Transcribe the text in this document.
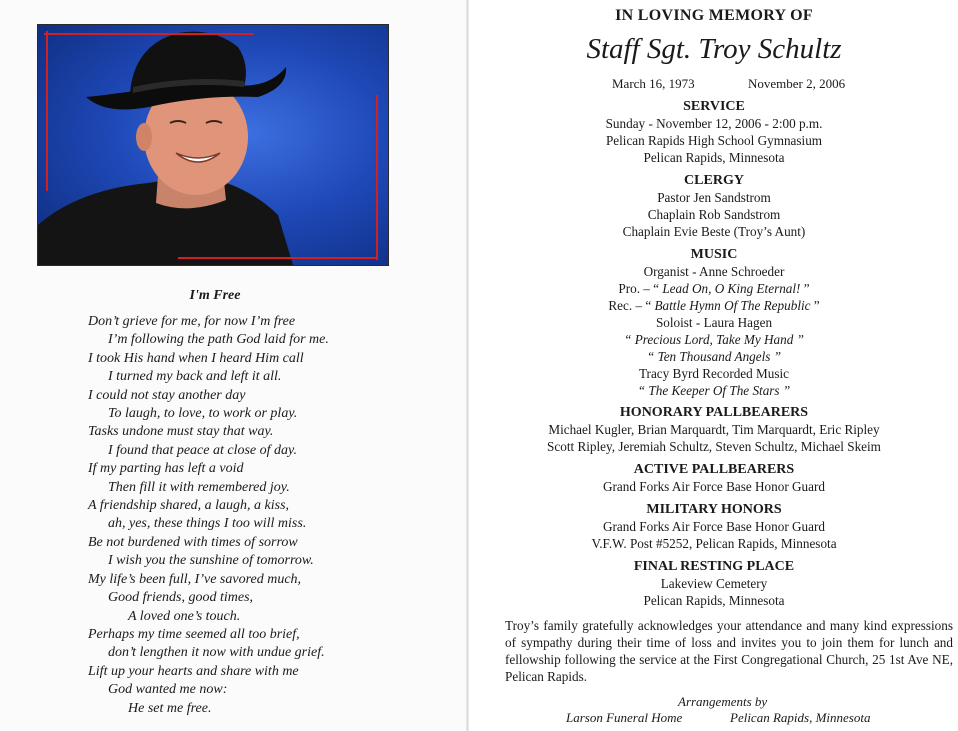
I'm Free
Don’t grieve for me, for now I’m free
I’m following the path God laid for me.
I took His hand when I heard Him call
I turned my back and left it all.
I could not stay another day
To laugh, to love, to work or play.
Tasks undone must stay that way.
I found that peace at close of day.
If my parting has left a void
Then fill it with remembered joy.
A friendship shared, a laugh, a kiss,
ah, yes, these things I too will miss.
Be not burdened with times of sorrow
I wish you the sunshine of tomorrow.
My life’s been full, I’ve savored much,
Good friends, good times,
A loved one’s touch.
Perhaps my time seemed all too brief,
don’t lengthen it now with undue grief.
Lift up your hearts and share with me
God wanted me now:
He set me free.
IN LOVING MEMORY OF
Staff Sgt. Troy Schultz
March 16, 1973	November 2, 2006
SERVICE
Sunday - November 12, 2006 - 2:00 p.m.
Pelican Rapids High School Gymnasium
Pelican Rapids, Minnesota
CLERGY
Pastor Jen Sandstrom
Chaplain Rob Sandstrom
Chaplain Evie Beste (Troy’s Aunt)
MUSIC
Organist - Anne Schroeder
Pro. – “ Lead On, O King Eternal! ”
Rec. – “ Battle Hymn Of The Republic ”
Soloist - Laura Hagen
“ Precious Lord, Take My Hand ”
“ Ten Thousand Angels ”
Tracy Byrd Recorded Music
“ The Keeper Of The Stars ”
HONORARY PALLBEARERS
Michael Kugler, Brian Marquardt, Tim Marquardt, Eric Ripley
Scott Ripley, Jeremiah Schultz, Steven Schultz, Michael Skeim
ACTIVE PALLBEARERS
Grand Forks Air Force Base Honor Guard
MILITARY HONORS
Grand Forks Air Force Base Honor Guard
V.F.W. Post #5252, Pelican Rapids, Minnesota
FINAL RESTING PLACE
Lakeview Cemetery
Pelican Rapids, Minnesota
Troy’s family gratefully acknowledges your attendance and many kind expressions of sympathy during their time of loss and invites you to join them for lunch and fellowship following the service at the First Congregational Church, 25 1st Ave NE, Pelican Rapids.
Arrangements by
Larson Funeral Home	Pelican Rapids, Minnesota
